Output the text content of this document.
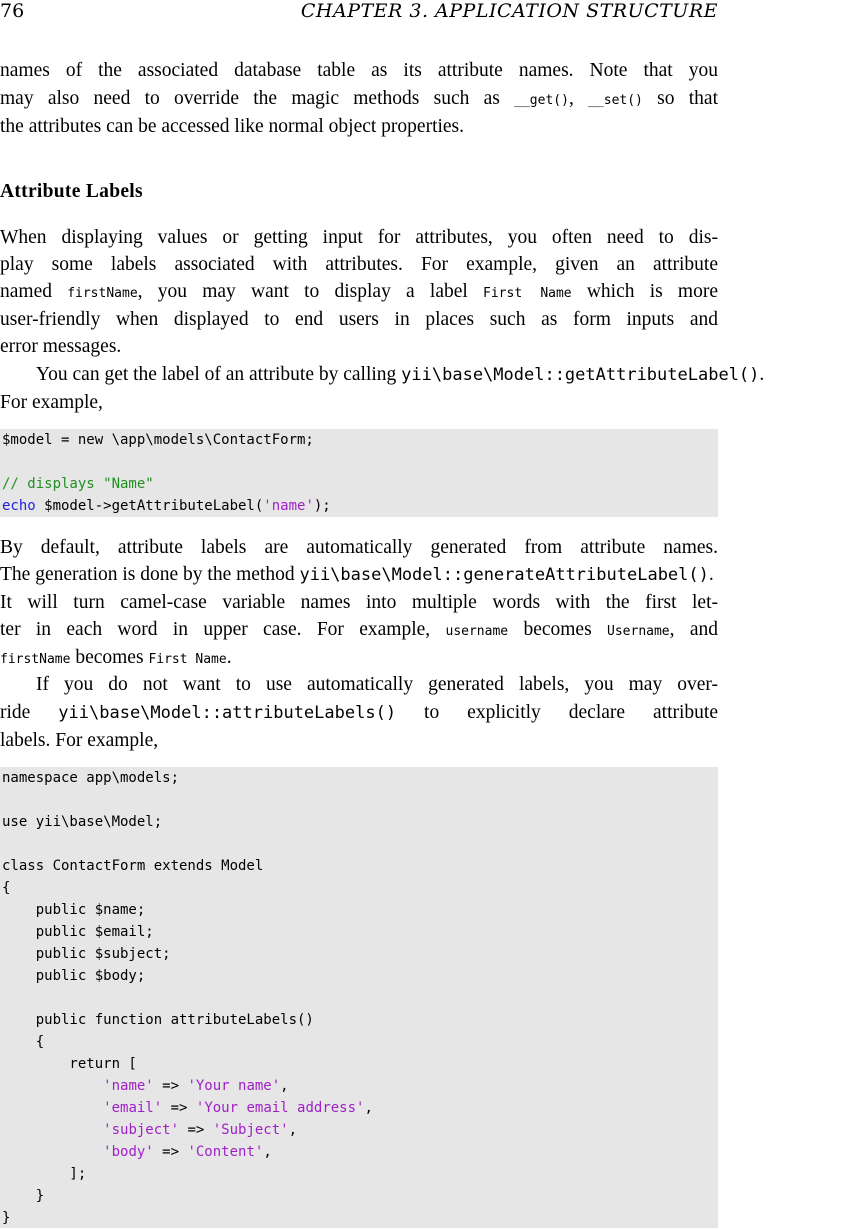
76	CHAPTER 3. APPLICATION STRUCTURE
names of the associated database table as its attribute names. Note that you
may also need to override the magic methods such as __get(), __set() so that
the attributes can be accessed like normal object properties.
Attribute Labels
When displaying values or getting input for attributes, you often need to dis-
play some labels associated with attributes. For example, given an attribute
named firstName, you may want to display a label First Name which is more
user-friendly when displayed to end users in places such as form inputs and
error messages.
You can get the label of an attribute by calling yii\base\Model::getAttributeLabel().
For example,
$model = new \app\models\ContactForm;
// displays "Name"
echo $model->getAttributeLabel('name');
By default, attribute labels are automatically generated from attribute names.
The generation is done by the method yii\base\Model::generateAttributeLabel().
It will turn camel-case variable names into multiple words with the first let-
ter in each word in upper case. For example, username becomes Username, and
firstName becomes First Name.
If you do not want to use automatically generated labels, you may over-
ride yii\base\Model::attributeLabels() to explicitly declare attribute
labels. For example,
namespace app\models;
use yii\base\Model;
class ContactForm extends Model
{
public $name;
public $email;
public $subject;
public $body;
public function attributeLabels()
{
return [
'name' => 'Your name',
'email' => 'Your email address',
'subject' => 'Subject',
'body' => 'Content',
];
}
}
